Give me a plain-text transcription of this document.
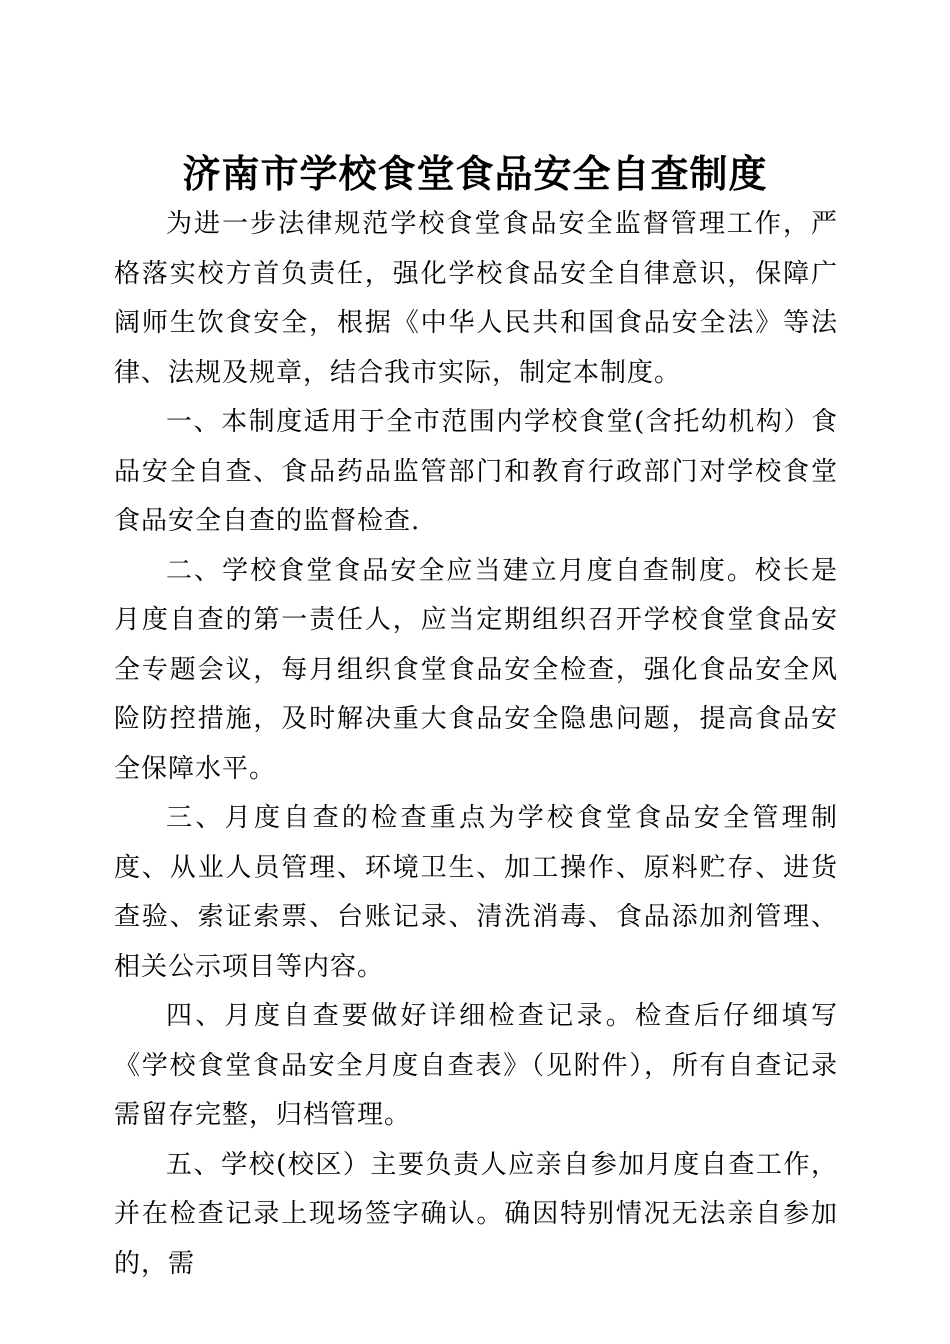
济南市学校食堂食品安全自查制度

为进一步法律规范学校食堂食品安全监督管理工作，严格落实校方首负责任，强化学校食品安全自律意识，保障广阔师生饮食安全，根据《中华人民共和国食品安全法》等法律、法规及规章，结合我市实际，制定本制度。

一、本制度适用于全市范围内学校食堂(含托幼机构）食品安全自查、食品药品监管部门和教育行政部门对学校食堂食品安全自查的监督检查.

二、学校食堂食品安全应当建立月度自查制度。校长是月度自查的第一责任人，应当定期组织召开学校食堂食品安全专题会议，每月组织食堂食品安全检查，强化食品安全风险防控措施，及时解决重大食品安全隐患问题，提高食品安全保障水平。

三、月度自查的检查重点为学校食堂食品安全管理制度、从业人员管理、环境卫生、加工操作、原料贮存、进货查验、索证索票、台账记录、清洗消毒、食品添加剂管理、相关公示项目等内容。

四、月度自查要做好详细检查记录。检查后仔细填写《学校食堂食品安全月度自查表》（见附件），所有自查记录需留存完整，归档管理。

五、学校(校区）主要负责人应亲自参加月度自查工作，并在检查记录上现场签字确认。确因特别情况无法亲自参加的，需
